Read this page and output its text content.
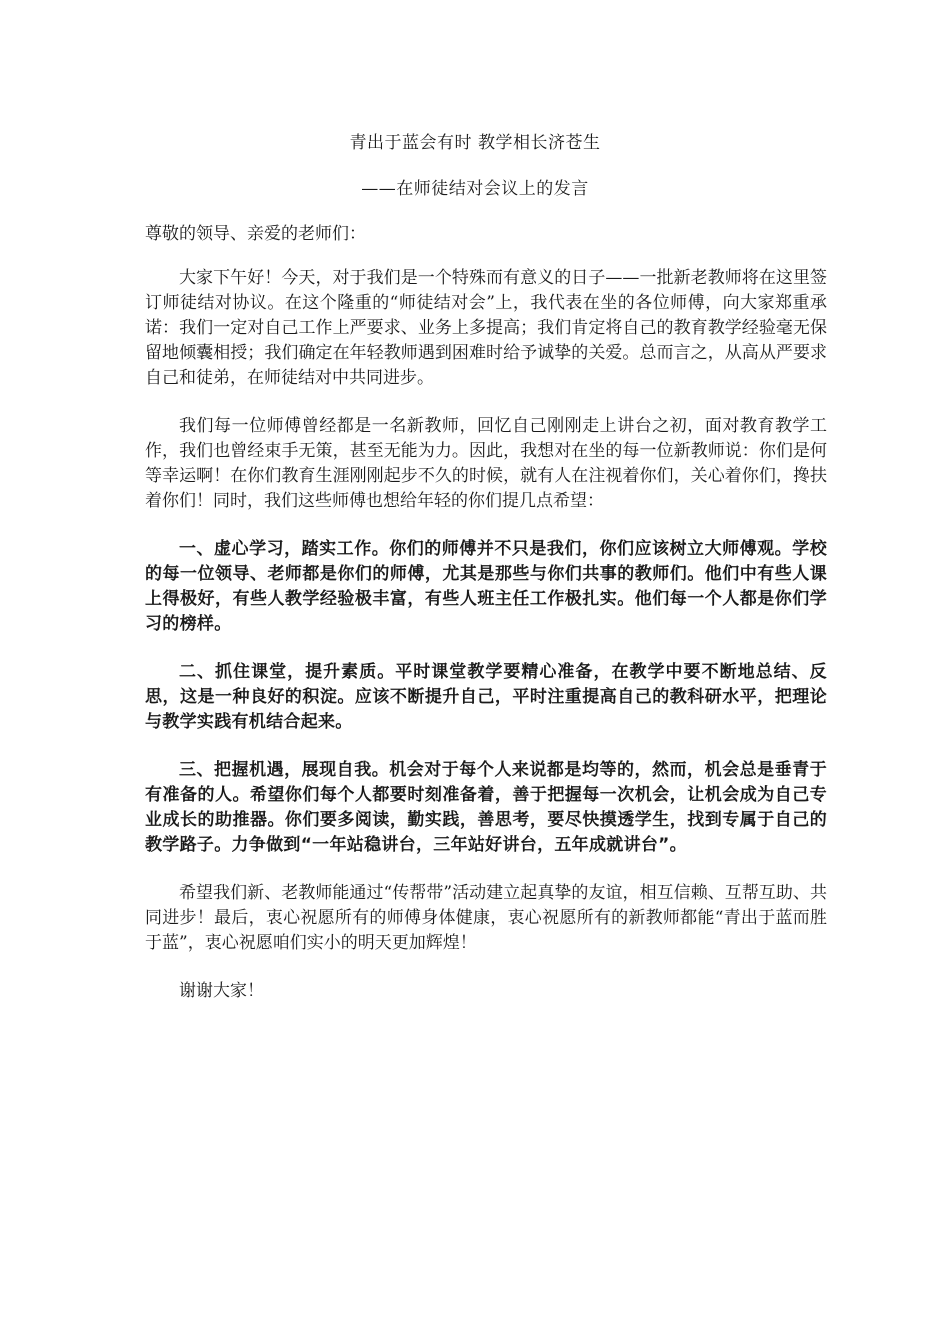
青出于蓝会有时 教学相长济苍生
——在师徒结对会议上的发言

尊敬的领导、亲爱的老师们：

大家下午好！今天，对于我们是一个特殊而有意义的日子——一批新老教师将在这里签订师徒结对协议。在这个隆重的“师徒结对会”上，我代表在坐的各位师傅，向大家郑重承诺：我们一定对自己工作上严要求、业务上多提高；我们肯定将自己的教育教学经验毫无保留地倾囊相授；我们确定在年轻教师遇到困难时给予诚挚的关爱。总而言之，从高从严要求自己和徒弟，在师徒结对中共同进步。

我们每一位师傅曾经都是一名新教师，回忆自己刚刚走上讲台之初，面对教育教学工作，我们也曾经束手无策，甚至无能为力。因此，我想对在坐的每一位新教师说：你们是何等幸运啊！在你们教育生涯刚刚起步不久的时候，就有人在注视着你们，关心着你们，搀扶着你们！同时，我们这些师傅也想给年轻的你们提几点希望：

一、虚心学习，踏实工作。你们的师傅并不只是我们，你们应该树立大师傅观。学校的每一位领导、老师都是你们的师傅，尤其是那些与你们共事的教师们。他们中有些人课上得极好，有些人教学经验极丰富，有些人班主任工作极扎实。他们每一个人都是你们学习的榜样。

二、抓住课堂，提升素质。平时课堂教学要精心准备，在教学中要不断地总结、反思，这是一种良好的积淀。应该不断提升自己，平时注重提高自己的教科研水平，把理论与教学实践有机结合起来。

三、把握机遇，展现自我。机会对于每个人来说都是均等的，然而，机会总是垂青于有准备的人。希望你们每个人都要时刻准备着，善于把握每一次机会，让机会成为自己专业成长的助推器。你们要多阅读，勤实践，善思考，要尽快摸透学生，找到专属于自己的教学路子。力争做到“一年站稳讲台，三年站好讲台，五年成就讲台”。

希望我们新、老教师能通过“传帮带”活动建立起真挚的友谊，相互信赖、互帮互助、共同进步！最后，衷心祝愿所有的师傅身体健康，衷心祝愿所有的新教师都能“青出于蓝而胜于蓝”，衷心祝愿咱们实小的明天更加辉煌！

谢谢大家！
